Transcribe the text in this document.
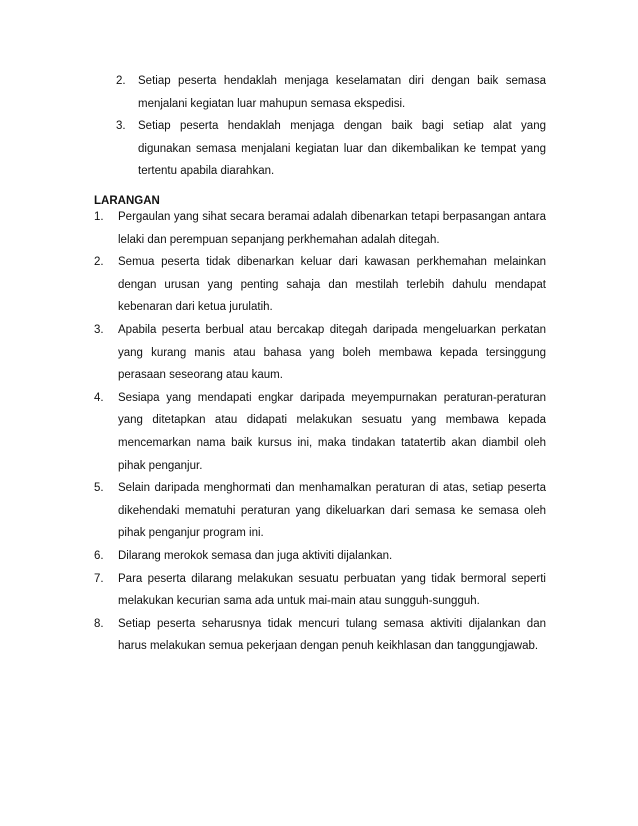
2. Setiap peserta hendaklah menjaga keselamatan diri dengan baik semasa menjalani kegiatan luar mahupun semasa ekspedisi.
3. Setiap peserta hendaklah menjaga dengan baik bagi setiap alat yang digunakan semasa menjalani kegiatan luar dan dikembalikan ke tempat yang tertentu apabila diarahkan.
LARANGAN
1. Pergaulan yang sihat secara beramai adalah dibenarkan tetapi berpasangan antara lelaki dan perempuan sepanjang perkhemahan adalah ditegah.
2. Semua peserta tidak dibenarkan keluar dari kawasan perkhemahan melainkan dengan urusan yang penting sahaja dan mestilah terlebih dahulu mendapat kebenaran dari ketua jurulatih.
3. Apabila peserta berbual atau bercakap ditegah daripada mengeluarkan perkatan yang kurang manis atau bahasa yang boleh membawa kepada tersinggung perasaan seseorang atau kaum.
4. Sesiapa yang mendapati engkar daripada meyempurnakan peraturan-peraturan yang ditetapkan atau didapati melakukan sesuatu yang membawa kepada mencemarkan nama baik kursus ini, maka tindakan tatatertib akan diambil oleh pihak penganjur.
5. Selain daripada menghormati dan menhamalkan peraturan di atas, setiap peserta dikehendaki mematuhi peraturan yang dikeluarkan dari semasa ke semasa oleh pihak penganjur program ini.
6. Dilarang merokok semasa dan juga aktiviti dijalankan.
7. Para peserta dilarang melakukan sesuatu perbuatan yang tidak bermoral seperti melakukan kecurian sama ada untuk mai-main atau sungguh-sungguh.
8. Setiap peserta seharusnya tidak mencuri tulang semasa aktiviti dijalankan dan harus melakukan semua pekerjaan dengan penuh keikhlasan dan tanggungjawab.
